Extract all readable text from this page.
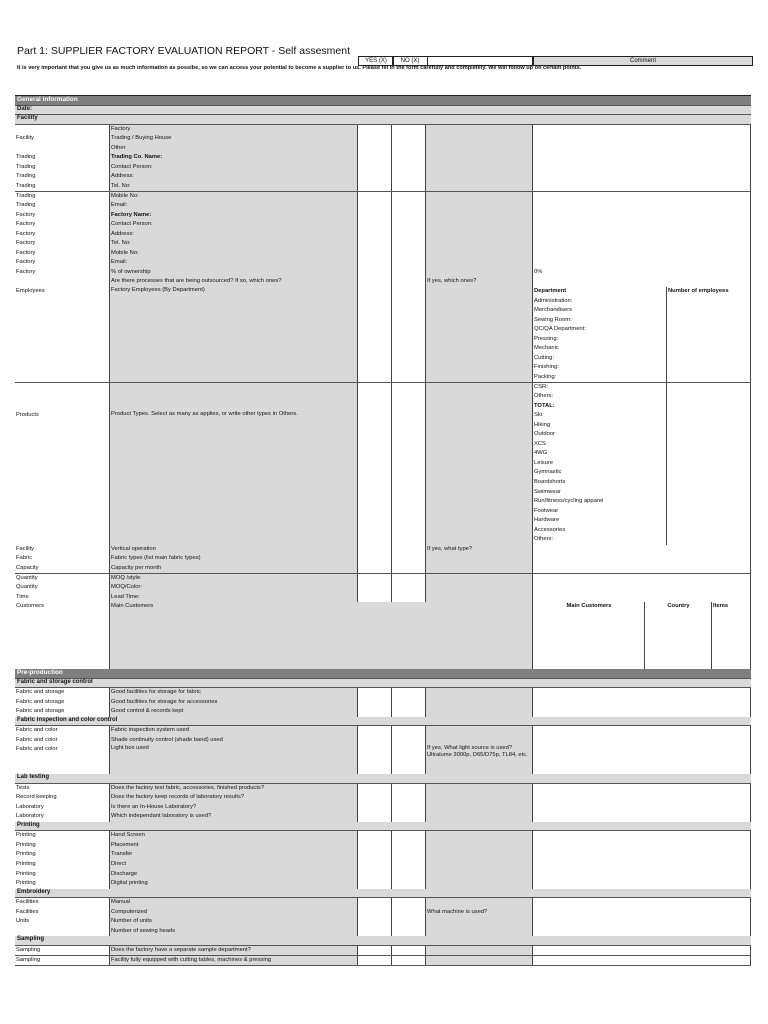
Part 1: SUPPLIER FACTORY EVALUATION REPORT - Self assesment
YES (X)	NO (X)	Comment
It is very important that you give us as much information as possibe, so we can access your potential to become a supplier to us. Please fill in the form carefully and completely. We will follow up on certain points.
General information
Date:
Facility
Factory
Facility	Trading / Buying House
Other
Trading	Trading Co. Name:
Trading	Contact Person:
Trading	Address:
Trading	Tel. No:
Trading	Mobile No:
Trading	Email:
Factory	Factory Name:
Factory	Contact Person:
Factory	Address:
Factory	Tel. No:
Factory	Mobile No:
Factory	Email:
Factory	% of ownership	0%
Are there processes that are being outsourced? If so, which ones?	If yes, which ones?
Employees	Factory Employees (By Department)	Department	Number of employees
Administration:
Merchandisers
Sewing Room:
QC/QA Department:
Pressing:
Mechanic
Cutting:
Finishing:
Packing:
CSR:
Others:
TOTAL:
Products	Product Types. Select as many as applies, or write other types in Others.	Ski
Hiking
Outdoor
XCS
4WG
Leisure
Gymnastic
Boardshorts
Swimwear
Run/fitness/cycling apparel
Footwear
Hardware
Accessories
Others:
Facility	Vertical operation	If yes, what type?
Fabric	Fabric types (list main fabric types)
Capacity	Capacity per month
Quantity	MOQ /style:
Quantity	MOQ/Color:
Time	Lead Time:
Customers	Main Customers	Main Customers	Country	Items
Pre-production
Fabric and storage control
Fabric and storage	Good facilities for storage for fabric
Fabric and storage	Good facilities for storage for accessories
Fabric and storage	Good control & records kept
Fabric inspection and color control
Fabric and color	Fabric inspection system used
Fabric and color	Shade continuity control (shade band) used
Fabric and color	Light box used	If yes, What light source is used? Ultralume 3000p, D65/D75p, TL84, etc.
Lab testing
Tests	Does the factory test fabric, accessories, finished products?
Record keeping	Does the factory keep records of laboratory results?
Laboratory	Is there an In-House Laboratory?
Laboratory	Which independant laboratory is used?
Printing
Printing	Hand Screen
Printing	Placement
Printing	Transfer
Printing	Direct
Printing	Discharge
Printing	Digital printing
Embroidery
Facilities	Manual
Facilities	Computerized	What machine is used?
Units	Number of units
Number of sewing heads
Sampling
Sampling	Does the factory have a separate sample department?
Sampling	Facility fully equipped with cutting tables, machines & pressing
